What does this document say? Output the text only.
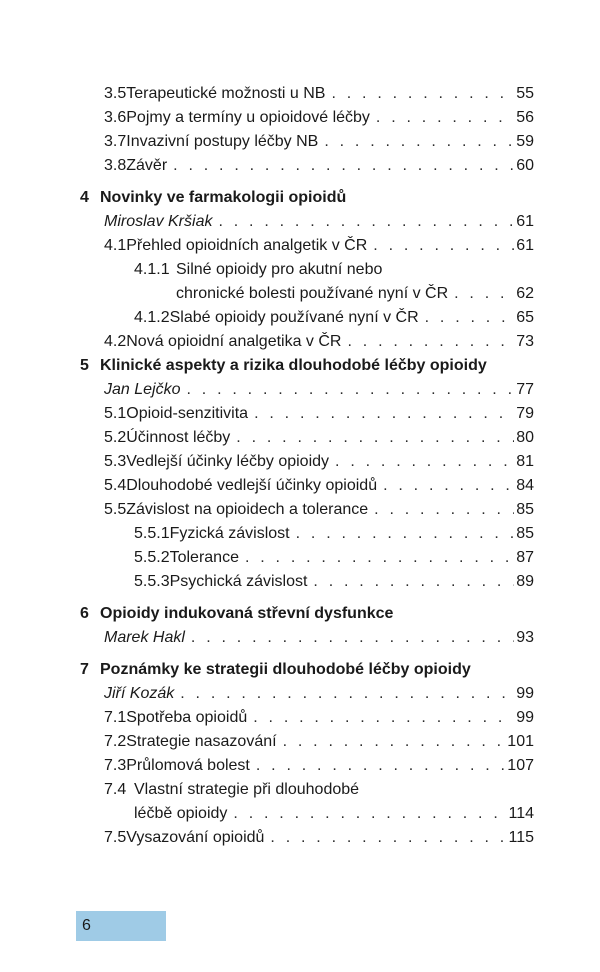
3.5 Terapeutické možnosti u NB . . .	55
3.6 Pojmy a termíny u opioidové léčby . . .	56
3.7 Invazivní postupy léčby NB . . .	59
3.8 Závěr . . .	60
4 Novinky ve farmakologii opioidů
Miroslav Kršiak . . .	61
4.1 Přehled opioidních analgetik v ČR . . .	61
4.1.1 Silné opioidy pro akutní nebo
chronické bolesti používané nyní v ČR . . .	62
4.1.2 Slabé opioidy používané nyní v ČR . . .	65
4.2 Nová opioidní analgetika v ČR . . .	73
5 Klinické aspekty a rizika dlouhodobé léčby opioidy
Jan Lejčko . . .	77
5.1 Opioid-senzitivita . . .	79
5.2 Účinnost léčby . . .	80
5.3 Vedlejší účinky léčby opioidy . . .	81
5.4 Dlouhodobé vedlejší účinky opioidů . . .	84
5.5 Závislost na opioidech a tolerance . . .	85
5.5.1 Fyzická závislost . . .	85
5.5.2 Tolerance . . .	87
5.5.3 Psychická závislost . . .	89
6 Opioidy indukovaná střevní dysfunkce
Marek Hakl . . .	93
7 Poznámky ke strategii dlouhodobé léčby opioidy
Jiří Kozák . . .	99
7.1 Spotřeba opioidů . . .	99
7.2 Strategie nasazování . . .	101
7.3 Průlomová bolest . . .	107
7.4 Vlastní strategie při dlouhodobé
léčbě opioidy . . .	114
7.5 Vysazování opioidů . . .	115
6
